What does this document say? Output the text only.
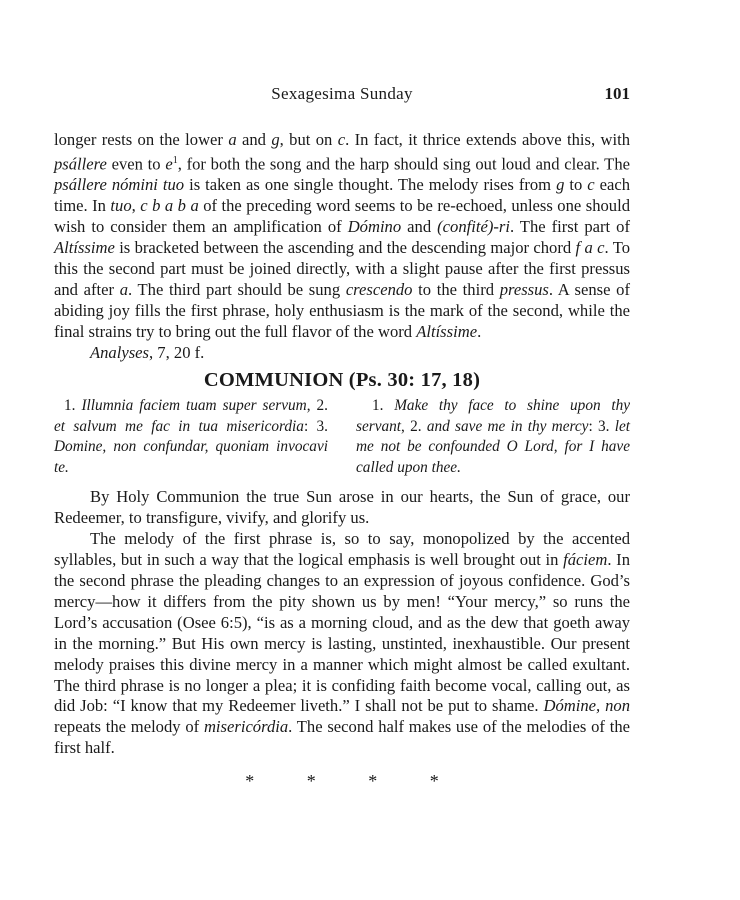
Sexagesima Sunday	101

longer rests on the lower a and g, but on c. In fact, it thrice extends above this, with psállere even to $e^1$, for both the song and the harp should sing out loud and clear. The psállere nómini tuo is taken as one single thought. The melody rises from g to c each time. In tuo, c b a b a of the preceding word seems to be re-echoed, unless one should wish to consider them an amplification of Dómino and (confité)-ri. The first part of Altíssime is bracketed between the ascending and the descending major chord f a c. To this the second part must be joined directly, with a slight pause after the first pressus and after a. The third part should be sung crescendo to the third pressus. A sense of abiding joy fills the first phrase, holy enthusiasm is the mark of the second, while the final strains try to bring out the full flavor of the word Altíssime.

Analyses, 7, 20 f.

COMMUNION (Ps. 30: 17, 18)

1. Illumnia faciem tuam super servum, 2. et salvum me fac in tua misericordia: 3. Domine, non confundar, quoniam invocavi te.

1. Make thy face to shine upon thy servant, 2. and save me in thy mercy: 3. let me not be confounded O Lord, for I have called upon thee.

By Holy Communion the true Sun arose in our hearts, the Sun of grace, our Redeemer, to transfigure, vivify, and glorify us.

The melody of the first phrase is, so to say, monopolized by the accented syllables, but in such a way that the logical emphasis is well brought out in fáciem. In the second phrase the pleading changes to an expression of joyous confidence. God’s mercy—how it differs from the pity shown us by men! “Your mercy,” so runs the Lord’s accusation (Osee 6:5), “is as a morning cloud, and as the dew that goeth away in the morning.” But His own mercy is lasting, unstinted, inexhaustible. Our present melody praises this divine mercy in a manner which might almost be called exultant. The third phrase is no longer a plea; it is confiding faith become vocal, calling out, as did Job: “I know that my Redeemer liveth.” I shall not be put to shame. Dómine, non repeats the melody of misericórdia. The second half makes use of the melodies of the first half.

* * * *
